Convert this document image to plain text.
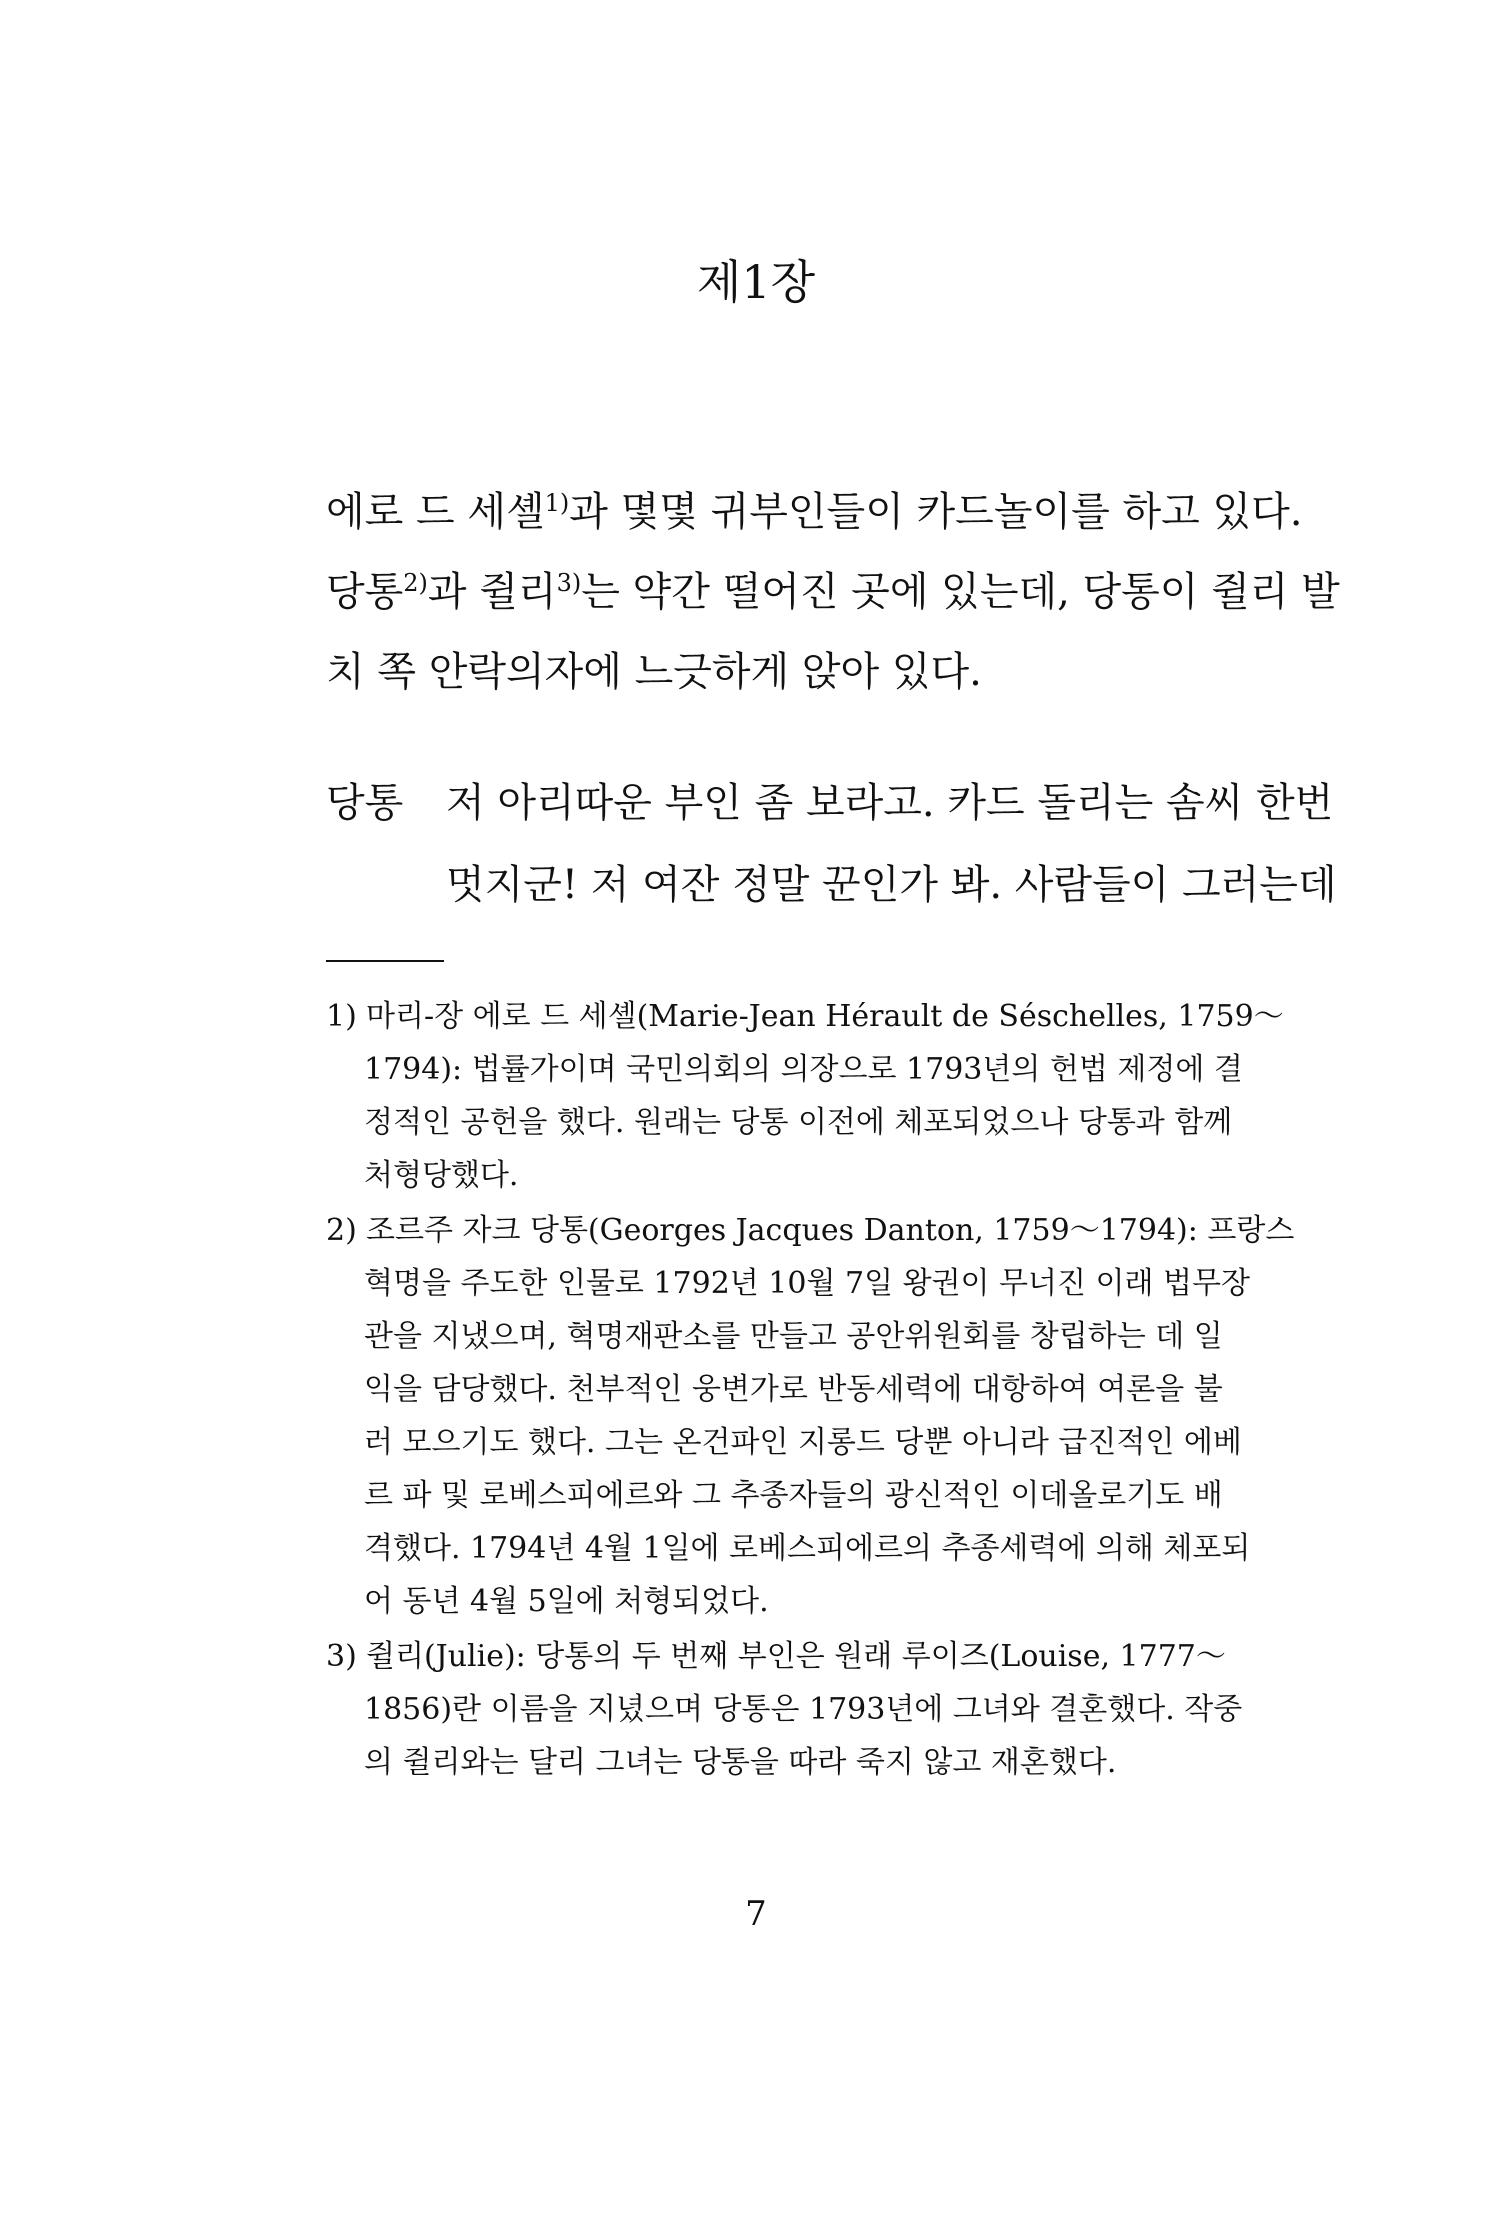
제1장

에로 드 세셸$^{1)}$과 몇몇 귀부인들이 카드놀이를 하고 있다.
당통$^{2)}$과 쥘리$^{3)}$는 약간 떨어진 곳에 있는데, 당통이 쥘리 발
치 쪽 안락의자에 느긋하게 앉아 있다.

당통 저 아리따운 부인 좀 보라고. 카드 돌리는 솜씨 한번
멋지군! 저 여잔 정말 꾼인가 봐. 사람들이 그러는데
1) 마리-장 에로 드 세셸(Marie-Jean Hérault de Séschelles, 1759～
1794): 법률가이며 국민의회의 의장으로 1793년의 헌법 제정에 결
정적인 공헌을 했다. 원래는 당통 이전에 체포되었으나 당통과 함께
처형당했다.
2) 조르주 자크 당통(Georges Jacques Danton, 1759～1794): 프랑스
혁명을 주도한 인물로 1792년 10월 7일 왕권이 무너진 이래 법무장
관을 지냈으며, 혁명재판소를 만들고 공안위원회를 창립하는 데 일
익을 담당했다. 천부적인 웅변가로 반동세력에 대항하여 여론을 불
러 모으기도 했다. 그는 온건파인 지롱드 당뿐 아니라 급진적인 에베
르 파 및 로베스피에르와 그 추종자들의 광신적인 이데올로기도 배
격했다. 1794년 4월 1일에 로베스피에르의 추종세력에 의해 체포되
어 동년 4월 5일에 처형되었다.
3) 쥘리(Julie): 당통의 두 번째 부인은 원래 루이즈(Louise, 1777～
1856)란 이름을 지녔으며 당통은 1793년에 그녀와 결혼했다. 작중
의 쥘리와는 달리 그녀는 당통을 따라 죽지 않고 재혼했다.
7
